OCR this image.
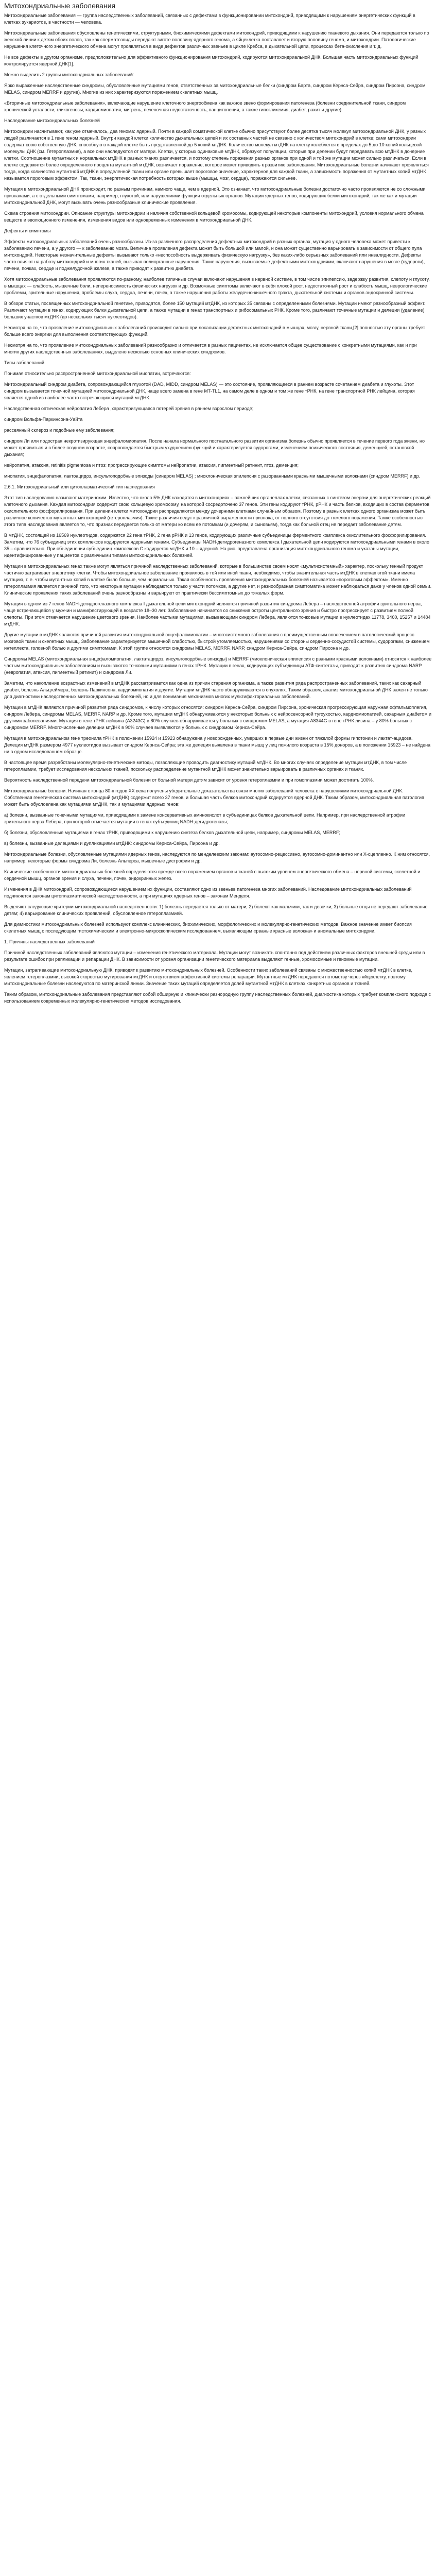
Митохондриальные заболевания

Митохондриальные заболевания — группа наследственных заболеваний, связанных с дефектами в функционировании митохондрий, приводящими к нарушениям энергетических функций в клетках эукариотов, в частности — человека.

Митохондриальные заболевания обусловлены генетическими, структурными, биохимическими дефектами митохондрий, приводящими к нарушению тканевого дыхания. Они передаются только по женской линии к детям обоих полов, так как сперматозоиды передают зиготе половину ядерного генома, а яйцеклетка поставляет и вторую половину генома, и митохондрии. Патологические нарушения клеточного энергетического обмена могут проявляться в виде дефектов различных звеньев в цикле Кребса, в дыхательной цепи, процессах бета-окисления и т. д.

Не все дефекты в другом организме, предположительно для эффективного функционирования митохондрий, кодируются митохондриальной ДНК. Большая часть митохондриальных функций контролируется ядерной ДНК[1].

Можно выделить 2 группы митохондриальных заболеваний:

Ярко выраженные наследственные синдромы, обусловленные мутациями генов, ответственных за митохондриальные белки (синдром Барта, синдром Кернса-Сейра, синдром Пирсона, синдром MELAS, синдром MERRF и другие). Многие из них характеризуются поражением скелетных мышц.

«Вторичные митохондриальные заболевания», включающие нарушение клеточного энергообмена как важное звено формирования патогенеза (болезни соединительной ткани, синдром хронической усталости, гликогенозы, кардиомиопатия, мигрень, печеночная недостаточность, панцитопения, а также гипогликемия, диабет, рахит и другие).

Наследование митохондриальных болезней

Митохондрии насчитывают, как уже отмечалось, два генома: ядерный. Почти в каждой соматической клетке обычно присутствуют более десятка тысяч молекул митохондриальной ДНК, у разных людей различается в 1 гене геном ядерный. Внутри каждой клетки количество дыхательных цепей и их составных частей не связано с количеством митохондрий в клетке; сами митохондрии содержат свою собственную ДНК, способную в каждой клетке быть представленной до 5 копий мтДНК. Количество молекул мтДНК на клетку колеблется в пределах до 5 до 10 копий кольцевой молекулы ДНК (см. Гетероплазмия), а все они наследуются от матери. Клетки, у которых одинаковые мтДНК, образуют популяции, которые при делении будут передавать всю мтДНК в дочерние клетки. Соотношение мутантных и нормальных мтДНК в разных тканях различается, и поэтому степень поражения разных органов при одной и той же мутации может сильно различаться. Если в клетке содержится более определенного процента мутантной мтДНК, возникает поражение, которое может приводить к развитию заболевания. Митохондриальные болезни начинают проявляться тогда, когда количество мутантной мтДНК в определенной ткани или органе превышает пороговое значение, характерное для каждой ткани, а зависимость поражения от мутантных копий мтДНК называется пороговым эффектом. Так, ткани, энергетическая потребность которых выше (мышцы, мозг, сердце), поражаются сильнее.

Мутация в митохондриальной ДНК происходит, по разным причинам, намного чаще, чем в ядерной. Это означает, что митохондриальные болезни достаточно часто проявляются не со сложными признаками, а с отдельными симптомами, например, глухотой, или нарушениями функции отдельных органов. Мутации ядерных генов, кодирующих белки митохондрий, так же как и мутации митохондриальной ДНК, могут вызывать очень разнообразные клинические проявления.

Схема строения митохондрии. Описание структуры митохондрии и наличия собственной кольцевой хромосомы, кодирующей некоторые компоненты митохондрий, условия нормального обмена веществ и эволюционного изменения, изменения видов или одновременных изменения в митохондриальной ДНК.

Дефекты и симптомы

Эффекты митохондриальных заболеваний очень разнообразны. Из-за различного распределения дефектных митохондрий в разных органах, мутация у одного человека может привести к заболеванию печени, а у другого — к заболеванию мозга. Величина проявления дефекта может быть большой или малой, и она может существенно варьировать в зависимости от общего пула митохондрий. Некоторые незначительные дефекты вызывают только «неспособность выдерживать физическую нагрузку», без каких-либо серьезных заболеваний или инвалидности. Дефекты часто влияют на работу митохондрий и многих тканей, вызывая полиорганные нарушения. Такие нарушения, вызываемые дефектными митохондриями, включают нарушения в мозге (судороги), печени, почках, сердце и поджелудочной железе, а также приводят к развитию диабета.

Хотя митохондриальные заболевания проявляются по-разному, наиболее типичные случаи включают нарушения в нервной системе, в том числе эпилепсию, задержку развития, слепоту и глухоту, в мышцах — слабость, мышечные боли, непереносимость физических нагрузок и др. Возможные симптомы включают в себя плохой рост, недостаточный рост и слабость мышц, неврологические проблемы, зрительные нарушения, проблемы слуха, сердца, печени, почек, а также нарушения работы желудочно-кишечного тракта, дыхательной системы и органов эндокринной системы.

В обзоре статьи, посвященных митохондриальной генетике, приводятся, более 150 мутаций мтДНК, из которых 35 связаны с определенными болезнями. Мутации имеют разнообразный эффект. Различают мутации в генах, кодирующих белки дыхательной цепи, а также мутации в генах транспортных и рибосомальных РНК. Кроме того, различают точечные мутации и делеции (удаление) больших участков мтДНК (до нескольких тысяч нуклеотидов).

Несмотря на то, что проявление митохондриальных заболеваний происходит сильно при локализации дефектных митохондрий в мышцах, мозгу, нервной ткани,[2] полностью эту органы требует больше всего энергии для выполнения соответствующих функций.

Несмотря на то, что проявление митохондриальных заболеваний разнообразно и отличается в разных пациентах, не исключается общее существование с конкретными мутациями, как и при многих других наследственных заболеваниях, выделено несколько основных клинических синдромов.

Типы заболеваний

Понимая относительно распространенной митохондриальной миопатии, встречаются:

Митохондриальный синдром диабета, сопровождающийся глухотой (DAD, MIDD, синдром MELAS) — это состояние, проявляющееся в раннем возрасте сочетанием диабета и глухоты. Этот синдром вызывается точечной мутацией митохондриальной ДНК, чаще всего замена в гене MT-TL1, на самом деле в одном и том же гене тРНК, на гене транспортной РНК лейцина, которая является одной из наиболее часто встречающихся мутаций мтДНК.

Наследственная оптическая нейропатия Лебера ,характеризующаяся потерей зрения в раннем взрослом периоде;

синдром Вольфа-Паркинсона-Уайта

рассеянный склероз и подобные ему заболевания;

синдром Ли или подострая некротизирующая энцефаломиопатия. После начала нормального постнатального развития организма болезнь обычно проявляется в течение первого года жизни, но может проявиться и в более позднем возрасте, сопровождается быстрым ухудшением функций и характеризуется судорогами, изменением психического состояния, деменцией, остановкой дыхания;

нейропатия, атаксия, retinitis pigmentosa и птоз: прогрессирующие симптомы нейропатии, атаксия, пигментный ретинит, птоз, деменция;

миопатия, энцефалопатия, лактоацидоз, инсультоподобные эпизоды (синдром MELAS) ; миоклоническая эпилепсия с разорванными красными мышечными волокнами (синдром MERRF) и др.

2.6.1. Митохондриальный или цитоплазматический тип наследования

Этот тип наследования называют материнским. Известно, что около 5% ДНК находятся в митохондриях – важнейших органеллах клетки, связанных с синтезом энергии для энергетических реакций клеточного дыхания. Каждая митохондрия содержит свою кольцевую хромосому, на которой сосредоточено 37 генов. Эти гены кодируют тРНК, рРНК и часть белков, входящих в состав ферментов окислительного фосфорилирования. При делении клетки митохондрии распределяются между дочерними клетками случайным образом. Поэтому в разных клетках одного организма может быть различное количество мутантных митохондрий (гетероплазмия). Такие различия ведут к различной выраженности признака, от полного отсутствия до тяжелого поражения. Также особенностью этого типа наследования является то, что признак передается только от матери ко всем ее потомкам (и дочерям, и сыновьям), тогда как больной отец не передает заболевание детям.

В мтДНК, состоящей из 16569 нуклеотидов, содержатся 22 гена тРНК, 2 гена рРНК и 13 генов, кодирующих различные субъединицы ферментного комплекса окислительного фосфорилирования. Заметим, что 76 субъединиц этих комплексов кодируются ядерными генами. Субъединицы NADH-дегидрогеназного комплекса I дыхательной цепи кодируются митохондриальными генами в около 35 – сравнительно. При объединении субъединиц комплексов С кодируется мтДНК и 10 – ядерной. На рис. представлена организация митохондриального генома и указаны мутации, идентифицированные у пациентов с различными типами митохондриальных болезней.

Мутации в митохондриальных генах также могут являться причиной наследственных заболеваний, которые в большинстве своем носят «мультисистемный» характер, поскольку генный продукт частично затрагивает энергетику клетки. Чтобы митохондриальное заболевание проявилось в той или иной ткани, необходимо, чтобы значительная часть мтДНК в клетках этой ткани имела мутацию, т. е. чтобы мутантных копий в клетке было больше, чем нормальных. Такая особенность проявления митохондриальных болезней называется «пороговым эффектом». Именно гетероплазмия является причиной того, что некоторые мутации наблюдаются только у части потомков, а другие нет, и разнообразная симптоматика может наблюдаться даже у членов одной семьи. Клинические проявления таких заболеваний очень разнообразны и варьируют от практически бессимптомных до тяжелых форм.

Мутации в одном из 7 генов NADH-дегидрогеназного комплекса I дыхательной цепи митохондрий являются причиной развития синдрома Лебера – наследственной атрофии зрительного нерва, чаще встречающейся у мужчин и манифестирующей в возрасте 18–30 лет. Заболевание начинается со снижения остроты центрального зрения и быстро прогрессирует с развитием полной слепоты. При этом отмечается нарушение цветового зрения. Наиболее частыми мутациями, вызывающими синдром Лебера, являются точковые мутации в нуклеотидах 11778, 3460, 15257 и 14484 мтДНК.

Другие мутации в мтДНК являются причиной развития митохондриальной энцефаломиопатии – многосистемного заболевания с преимущественным вовлечением в патологический процесс мозговой ткани и скелетных мышц. Заболевание характеризуется мышечной слабостью, быстрой утомляемостью, нарушениями со стороны сердечно-сосудистой системы, судорогами, снижением интеллекта, головной болью и другими симптомами. К этой группе относятся синдромы MELAS, MERRF, NARP, синдром Кернса-Сейра, синдром Пирсона и др.

Синдромы MELAS (митохондриальная энцефаломиопатия, лактатацидоз, инсультоподобные эпизоды) и MERRF (миоклоническая эпилепсия с рваными красными волокнами) относятся к наиболее частым митохондриальным заболеваниям и вызываются точковыми мутациями в генах тРНК. Мутации в генах, кодирующих субъединицы АТФ-синтетазы, приводят к развитию синдрома NARP (невропатия, атаксия, пигментный ретинит) и синдрома Ли.

Заметим, что накопление возрастных изменений в мтДНК рассматривается как одна из причин старения организма, а также развития ряда распространенных заболеваний, таких как сахарный диабет, болезнь Альцгеймера, болезнь Паркинсона, кардиомиопатия и другие. Мутации мтДНК часто обнаруживаются в опухолях. Таким образом, анализ митохондриальной ДНК важен не только для диагностики наследственных митохондриальных болезней, но и для понимания механизмов многих мультифакториальных заболеваний.

Мутации в мтДНК являются причиной развития ряда синдромов, к числу которых относятся: синдром Кернса-Сейра, синдром Пирсона, хроническая прогрессирующая наружная офтальмоплегия, синдром Лебера, синдромы MELAS, MERRF, NARP и др. Кроме того, мутации мтДНК обнаруживаются у некоторых больных с нейросенсорной тугоухостью, кардиомиопатией, сахарным диабетом и другими заболеваниями. Мутация в гене тРНК лейцина (A3243G) в 80% случаев обнаруживается у больных с синдромом MELAS, а мутация A8344G в гене тРНК лизина – у 80% больных с синдромом MERRF. Многочисленные делеции мтДНК в 90% случаев выявляются у больных с синдромом Кернса-Сейра.

Мутация в митохондриальном гене треонила тРНК в положении 15924 и 15923 обнаружена у новорожденных, умерших в первые дни жизни от тяжелой формы гипотонии и лактат-ацидоза. Делеция мтДНК размером 4977 нуклеотидов вызывает синдром Кернса-Сейра; эта же делеция выявлена в ткани мышц у лиц пожилого возраста в 15% доноров, а в положении 15923 – не найдена ни в одном исследованном образце.

В настоящее время разработаны молекулярно-генетические методы, позволяющие проводить диагностику мутаций мтДНК. Во многих случаях определение мутации мтДНК, в том числе гетероплазмии, требует исследования нескольких тканей, поскольку распределение мутантной мтДНК может значительно варьировать в различных органах и тканях.

Вероятность наследственной передачи митохондриальной болезни от больной матери детям зависит от уровня гетероплазмии и при гомоплазмии может достигать 100%.

Митохондриальные болезни. Начиная с конца 80-х годов XX века получены убедительные доказательства связи многих заболеваний человека с нарушениями митохондриальной ДНК. Собственная генетическая система митохондрий (мтДНК) содержит всего 37 генов, и большая часть белков митохондрий кодируется ядерной ДНК. Таким образом, митохондриальная патология может быть обусловлена как мутациями мтДНК, так и мутациями ядерных генов:

а) болезни, вызванные точечными мутациями, приводящими к замене консервативных аминокислот в субъединицах белков дыхательной цепи. Например, при наследственной атрофии зрительного нерва Лебера, при которой отмечается мутации в генах субъединиц NADH-дегидрогеназы;

б) болезни, обусловленные мутациями в генах тРНК, приводящими к нарушению синтеза белков дыхательной цепи, например, синдромы MELAS, MERRF;

в) болезни, вызванные делециями и дупликациями мтДНК: синдромы Кернса-Сейра, Пирсона и др.

Митохондриальные болезни, обусловленные мутациями ядерных генов, наследуются по менделевским законам: аутосомно-рецессивно, аутосомно-доминантно или X-сцепленно. К ним относятся, например, некоторые формы синдрома Ли, болезнь Альперса, мышечные дистрофии и др.

Клинические особенности митохондриальных болезней определяются прежде всего поражением органов и тканей с высоким уровнем энергетического обмена – нервной системы, скелетной и сердечной мышц, органов зрения и слуха, печени, почек, эндокринных желез.

Изменения в ДНК митохондрий, сопровождающиеся нарушением их функции, составляют одно из звеньев патогенеза многих заболеваний. Наследование митохондриальных заболеваний подчиняется законам цитоплазматической наследственности, а при мутациях ядерных генов – законам Менделя.

Выделяют следующие критерии митохондриальной наследственности: 1) болезнь передается только от матери; 2) болеют как мальчики, так и девочки; 3) больные отцы не передают заболевание детям; 4) варьирование клинических проявлений, обусловленное гетероплазмией.

Для диагностики митохондриальных болезней используют комплекс клинических, биохимических, морфологических и молекулярно-генетических методов. Важное значение имеет биопсия скелетных мышц с последующим гистохимическим и электронно-микроскопическим исследованием, выявляющим «рваные красные волокна» и аномальные митохондрии.

1. Причины наследственных заболеваний

Причиной наследственных заболеваний являются мутации – изменения генетического материала. Мутации могут возникать спонтанно под действием различных факторов внешней среды или в результате ошибок при репликации и репарации ДНК. В зависимости от уровня организации генетического материала выделяют генные, хромосомные и геномные мутации.

Мутации, затрагивающие митохондриальную ДНК, приводят к развитию митохондриальных болезней. Особенности таких заболеваний связаны с множественностью копий мтДНК в клетке, явлением гетероплазмии, высокой скоростью мутирования мтДНК и отсутствием эффективной системы репарации. Мутантные мтДНК передаются потомству через яйцеклетку, поэтому митохондриальные болезни наследуются по материнской линии. Значение таких мутаций определяется долей мутантной мтДНК в клетках конкретных органов и тканей.

Таким образом, митохондриальные заболевания представляют собой обширную и клинически разнородную группу наследственных болезней, диагностика которых требует комплексного подхода с использованием современных молекулярно-генетических методов исследования.
